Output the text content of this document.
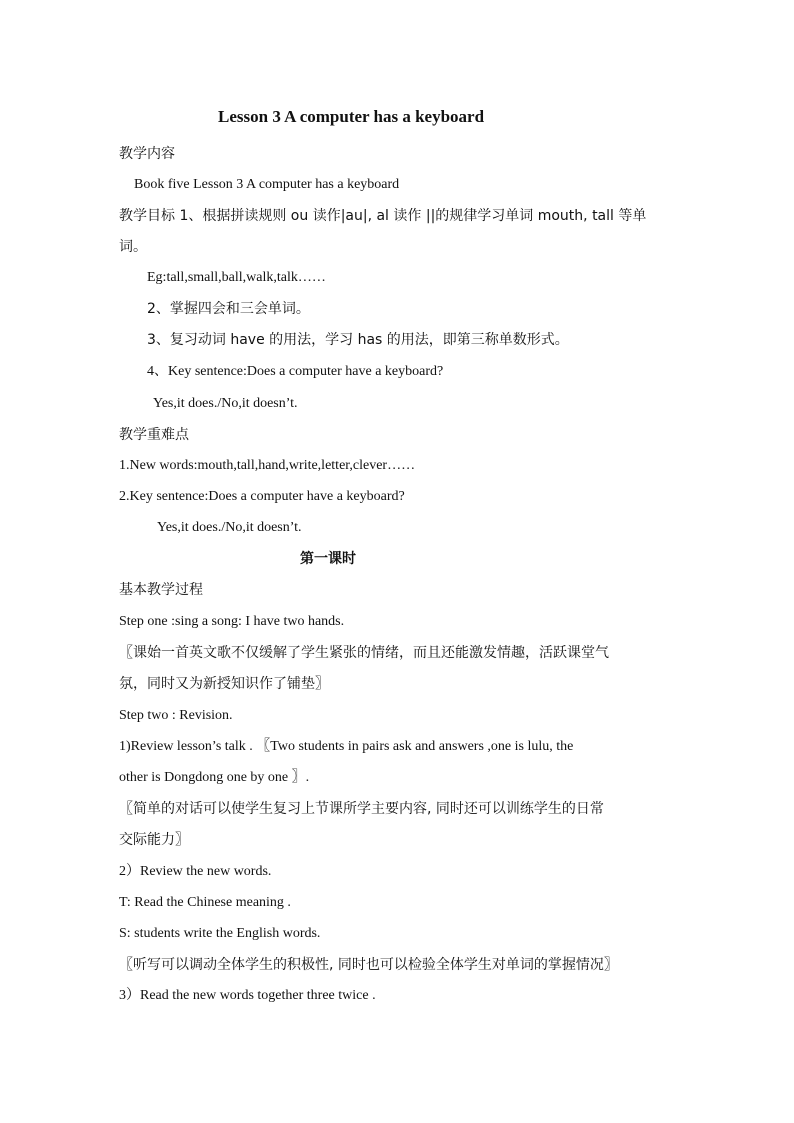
Lesson 3 A computer has a keyboard
教学内容
Book five Lesson 3 A computer has a keyboard
教学目标 1、根据拼读规则 ou 读作|au|, al 读作 ||的规律学习单词 mouth, tall 等单
词。
Eg:tall,small,ball,walk,talk……
2、掌握四会和三会单词。
3、复习动词 have 的用法，学习 has 的用法，即第三称单数形式。
4、Key sentence:Does a computer have a keyboard?
Yes,it does./No,it doesn’t.
教学重难点
1.New words:mouth,tall,hand,write,letter,clever……
2.Key sentence:Does a computer have a keyboard?
Yes,it does./No,it doesn’t.
第一课时
基本教学过程
Step one :sing a song: I have two hands.
〖课始一首英文歌不仅缓解了学生紧张的情绪，而且还能激发情趣，活跃课堂气
氛，同时又为新授知识作了铺垫〗
Step two : Revision.
1)Review lesson’s talk . 〖Two students in pairs ask and answers ,one is lulu, the
other is Dongdong one by one 〗.
〖简单的对话可以使学生复习上节课所学主要内容, 同时还可以训练学生的日常
交际能力〗
2）Review the new words.
T: Read the Chinese meaning .
S: students write the English words.
〖听写可以调动全体学生的积极性, 同时也可以检验全体学生对单词的掌握情况〗
3）Read the new words together three twice .
